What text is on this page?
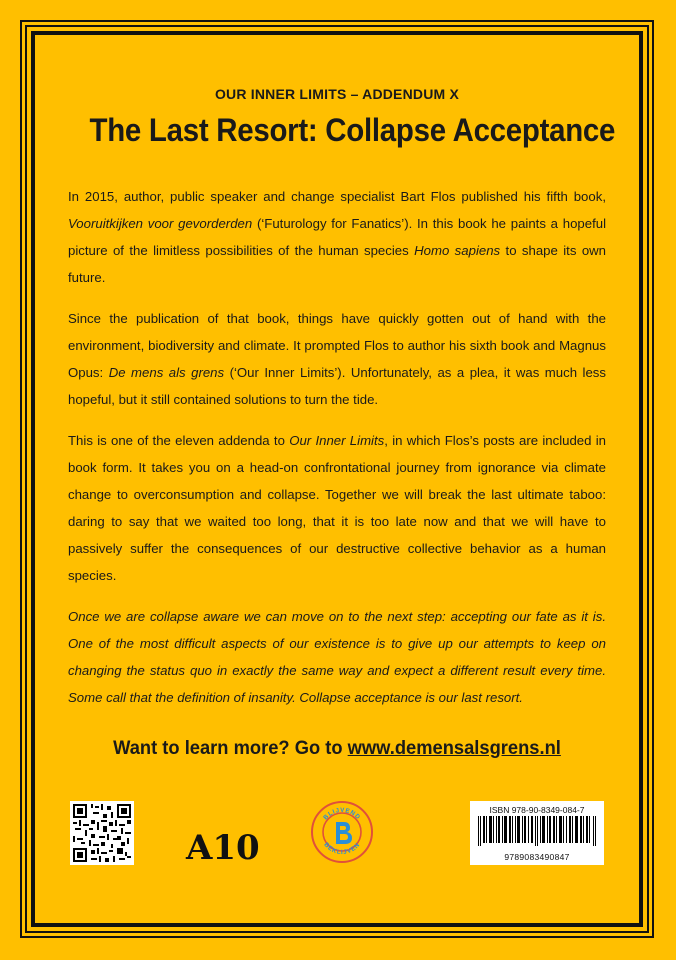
OUR INNER LIMITS – ADDENDUM X
The Last Resort: Collapse Acceptance

In 2015, author, public speaker and change specialist Bart Flos published his fifth book, Vooruitkijken voor gevorderden (‘Futurology for Fanatics’). In this book he paints a hopeful picture of the limitless possibilities of the human species Homo sapiens to shape its own future.

Since the publication of that book, things have quickly gotten out of hand with the environment, biodiversity and climate. It prompted Flos to author his sixth book and Magnus Opus: De mens als grens (‘Our Inner Limits’). Unfortunately, as a plea, it was much less hopeful, but it still contained solutions to turn the tide.

This is one of the eleven addenda to Our Inner Limits, in which Flos’s posts are included in book form. It takes you on a head-on confrontational journey from ignorance via climate change to overconsumption and collapse. Together we will break the last ultimate taboo: daring to say that we waited too long, that it is too late now and that we will have to passively suffer the consequences of our destructive collective behavior as a human species.

Once we are collapse aware we can move on to the next step: accepting our fate as it is. One of the most difficult aspects of our existence is to give up our attempts to keep on changing the status quo in exactly the same way and expect a different result every time. Some call that the definition of insanity. Collapse acceptance is our last resort.

Want to learn more? Go to www.demensalsgrens.nl
A10
BLIJVEND
BEKLIJVEN
ISBN 978-90-8349-084-7
9789083490847
